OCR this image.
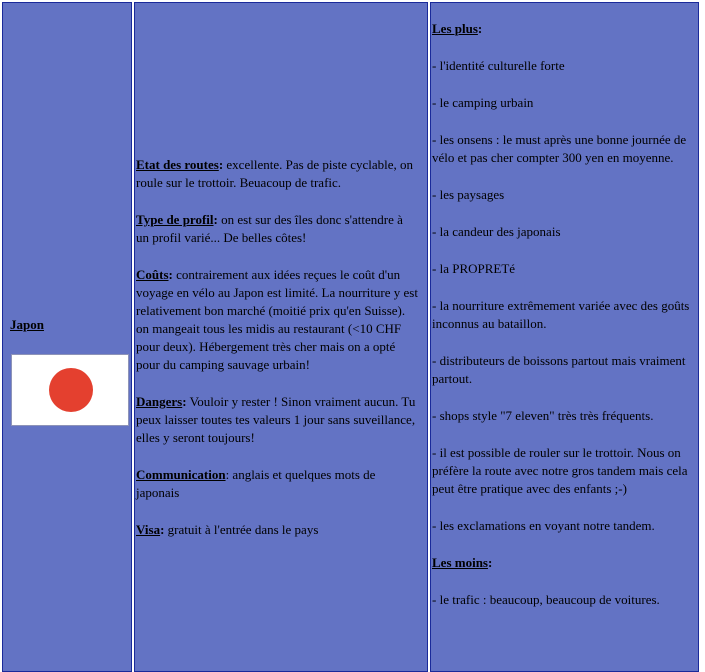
Japon

Etat des routes: excellente. Pas de piste cyclable, on roule sur le trottoir. Beuacoup de trafic.

Type de profil: on est sur des îles donc s'attendre à un profil varié... De belles côtes!

Coûts: contrairement aux idées reçues le coût d'un voyage en vélo au Japon est limité. La nourriture y est relativement bon marché (moitié prix qu'en Suisse). on mangeait tous les midis au restaurant (<10 CHF pour deux). Hébergement très cher mais on a opté pour du camping sauvage urbain!

Dangers: Vouloir y rester ! Sinon vraiment aucun. Tu peux laisser toutes tes valeurs 1 jour sans suveillance, elles y seront toujours!

Communication: anglais et quelques mots de japonais

Visa: gratuit à l'entrée dans le pays

Les plus:

- l'identité culturelle forte

- le camping urbain

- les onsens : le must après une bonne journée de vélo et pas cher compter 300 yen en moyenne.

- les paysages

- la candeur des japonais

- la PROPRETé

- la nourriture extrêmement variée avec des goûts inconnus au bataillon.

- distributeurs de boissons partout mais vraiment partout.

- shops style "7 eleven" très très fréquents.

- il est possible de rouler sur le trottoir. Nous on préfère la route avec notre gros tandem mais cela peut être pratique avec des enfants ;-)

- les exclamations en voyant notre tandem.

Les moins:

- le trafic : beaucoup, beaucoup de voitures.
